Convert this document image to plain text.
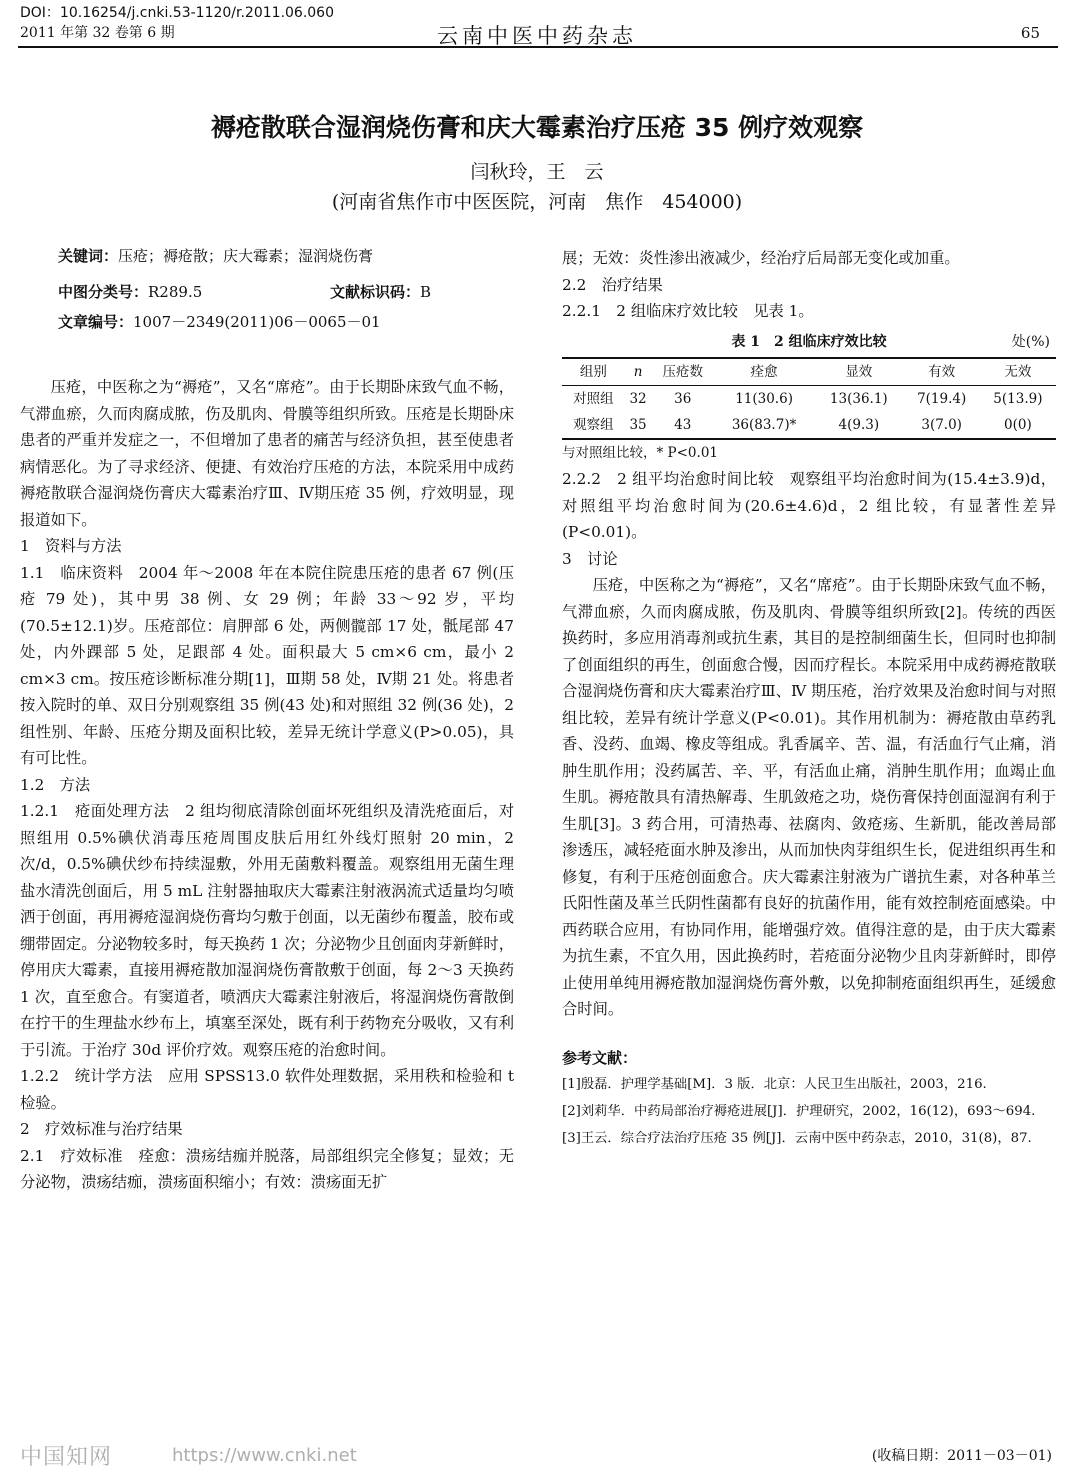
DOI：10.16254/j.cnki.53-1120/r.2011.06.060
2011 年第 32 卷第 6 期	云南中医中药杂志	65
褥疮散联合湿润烧伤膏和庆大霉素治疗压疮 35 例疗效观察
闫秋玲，王　云
(河南省焦作市中医医院，河南　焦作　454000)
关键词：压疮；褥疮散；庆大霉素；湿润烧伤膏
中图分类号：R289.5	文献标识码：B
文章编号：1007－2349(2011)06－0065－01

压疮，中医称之为“褥疮”，又名“席疮”。由于长期卧床致气血不畅，气滞血瘀，久而肉腐成脓，伤及肌肉、骨膜等组织所致。压疮是长期卧床患者的严重并发症之一，不但增加了患者的痛苦与经济负担，甚至使患者病情恶化。为了寻求经济、便捷、有效治疗压疮的方法，本院采用中成药褥疮散联合湿润烧伤膏庆大霉素治疗Ⅲ、Ⅳ期压疮 35 例，疗效明显，现报道如下。

1　资料与方法

1.1　临床资料　2004 年～2008 年在本院住院患压疮的患者 67 例(压疮 79 处)，其中男 38 例、女 29 例；年龄 33～92 岁，平均(70.5±12.1)岁。压疮部位：肩胛部 6 处，两侧髋部 17 处，骶尾部 47 处，内外踝部 5 处，足跟部 4 处。面积最大 5 cm×6 cm，最小 2 cm×3 cm。按压疮诊断标准分期[1]，Ⅲ期 58 处，Ⅳ期 21 处。将患者按入院时的单、双日分别观察组 35 例(43 处)和对照组 32 例(36 处)，2 组性别、年龄、压疮分期及面积比较，差异无统计学意义(P>0.05)，具有可比性。

1.2　方法

1.2.1　疮面处理方法　2 组均彻底清除创面坏死组织及清洗疮面后，对照组用 0.5%碘伏消毒压疮周围皮肤后用红外线灯照射 20 min，2 次/d，0.5%碘伏纱布持续湿敷，外用无菌敷料覆盖。观察组用无菌生理盐水清洗创面后，用 5 mL 注射器抽取庆大霉素注射液涡流式适量均匀喷洒于创面，再用褥疮湿润烧伤膏均匀敷于创面，以无菌纱布覆盖，胶布或绷带固定。分泌物较多时，每天换药 1 次；分泌物少且创面肉芽新鲜时，停用庆大霉素，直接用褥疮散加湿润烧伤膏散敷于创面，每 2～3 天换药 1 次，直至愈合。有窦道者，喷洒庆大霉素注射液后，将湿润烧伤膏散倒在拧干的生理盐水纱布上，填塞至深处，既有利于药物充分吸收，又有利于引流。于治疗 30d 评价疗效。观察压疮的治愈时间。

1.2.2　统计学方法　应用 SPSS13.0 软件处理数据，采用秩和检验和 t 检验。

2　疗效标准与治疗结果

2.1　疗效标准　痊愈：溃疡结痂并脱落，局部组织完全修复；显效；无分泌物，溃疡结痂，溃疡面积缩小；有效：溃疡面无扩

展；无效：炎性渗出液减少，经治疗后局部无变化或加重。

2.2　治疗结果

2.2.1　2 组临床疗效比较　见表 1。

表 1　2 组临床疗效比较	处(%)
组别	n	压疮数	痊愈	显效	有效	无效
对照组	32	36	11(30.6)	13(36.1)	7(19.4)	5(13.9)
观察组	35	43	36(83.7)*	4(9.3)	3(7.0)	0(0)

与对照组比较，* P<0.01

2.2.2　2 组平均治愈时间比较　观察组平均治愈时间为(15.4±3.9)d，对照组平均治愈时间为(20.6±4.6)d，2 组比较，有显著性差异(P<0.01)。

3　讨论

压疮，中医称之为“褥疮”，又名“席疮”。由于长期卧床致气血不畅，气滞血瘀，久而肉腐成脓，伤及肌肉、骨膜等组织所致[2]。传统的西医换药时，多应用消毒剂或抗生素，其目的是控制细菌生长，但同时也抑制了创面组织的再生，创面愈合慢，因而疗程长。本院采用中成药褥疮散联合湿润烧伤膏和庆大霉素治疗Ⅲ、Ⅳ 期压疮，治疗效果及治愈时间与对照组比较，差异有统计学意义(P<0.01)。其作用机制为：褥疮散由草药乳香、没药、血竭、橡皮等组成。乳香属辛、苦、温，有活血行气止痛，消肿生肌作用；没药属苦、辛、平，有活血止痛，消肿生肌作用；血竭止血生肌。褥疮散具有清热解毒、生肌敛疮之功，烧伤膏保持创面湿润有利于生肌[3]。3 药合用，可清热毒、祛腐肉、敛疮疡、生新肌，能改善局部渗透压，减轻疮面水肿及渗出，从而加快肉芽组织生长，促进组织再生和修复，有利于压疮创面愈合。庆大霉素注射液为广谱抗生素，对各种革兰氏阳性菌及革兰氏阴性菌都有良好的抗菌作用，能有效控制疮面感染。中西药联合应用，有协同作用，能增强疗效。值得注意的是，由于庆大霉素为抗生素，不宜久用，因此换药时，若疮面分泌物少且肉芽新鲜时，即停止使用单纯用褥疮散加湿润烧伤膏外敷，以免抑制疮面组织再生，延缓愈合时间。

参考文献：

[1]殷磊．护理学基础[M]．3 版．北京：人民卫生出版社，2003，216.

[2]刘莉华．中药局部治疗褥疮进展[J]．护理研究，2002，16(12)，693～694.

[3]王云．综合疗法治疗压疮 35 例[J]．云南中医中药杂志，2010，31(8)，87.

(收稿日期：2011－03－01)
中国知网	https://www.cnki.net
